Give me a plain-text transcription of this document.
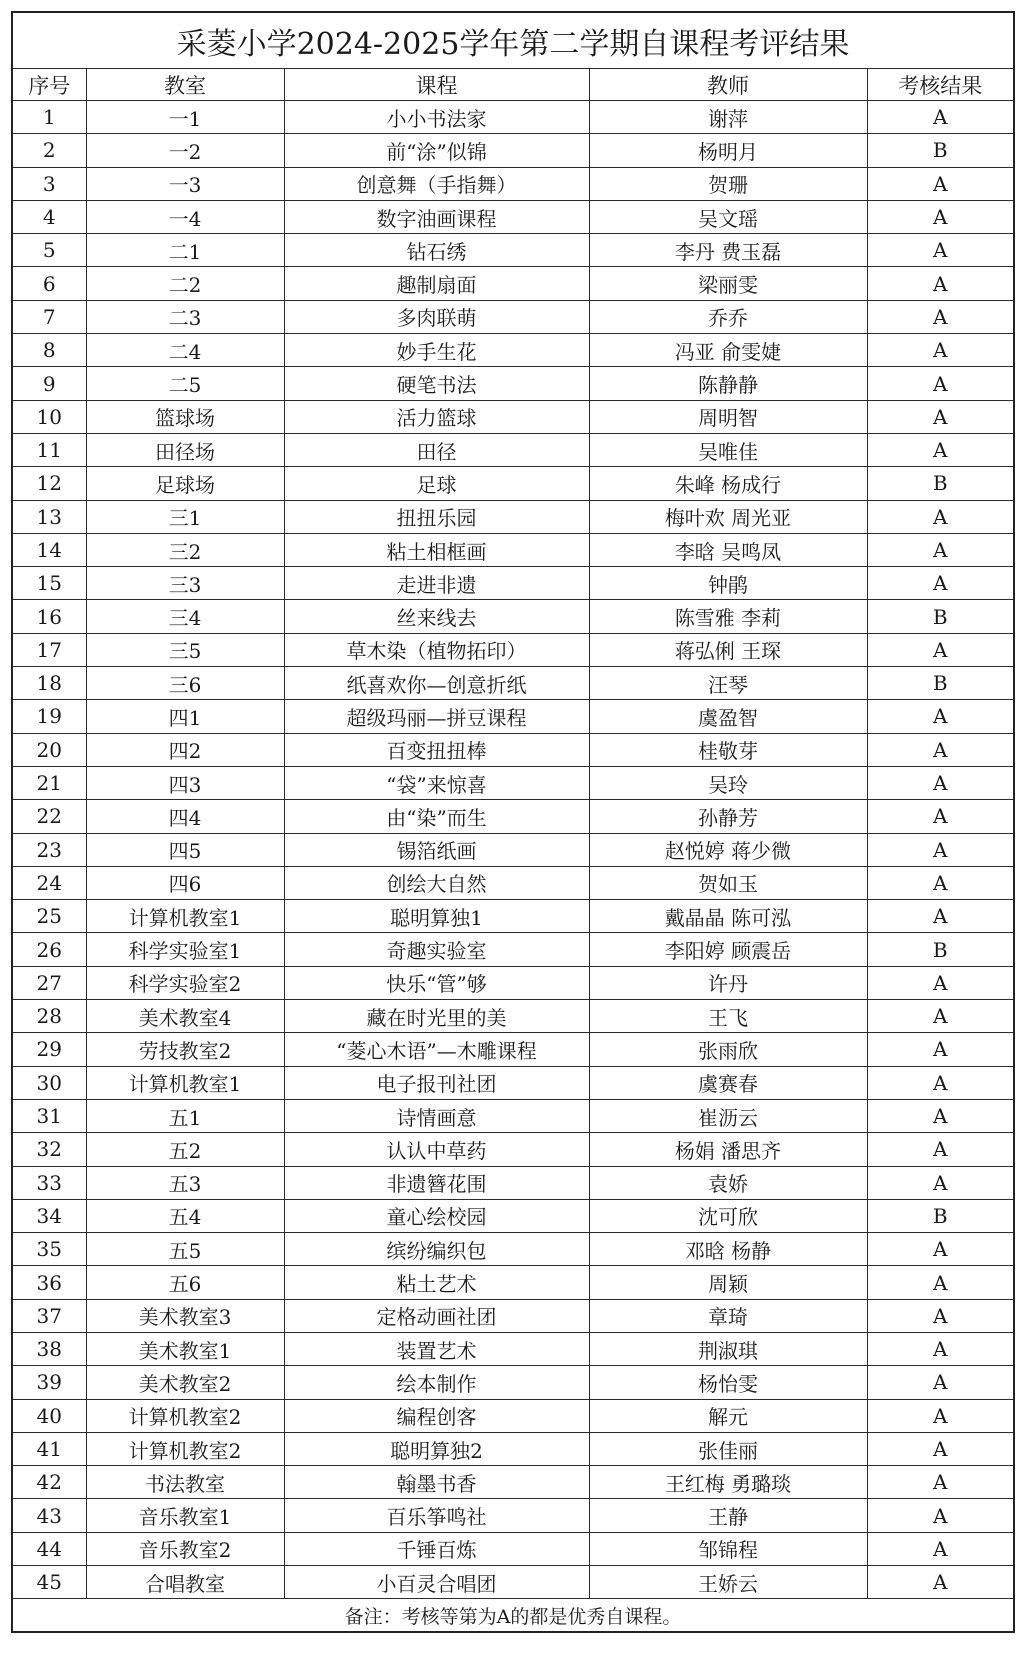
采菱小学2024-2025学年第二学期自课程考评结果				
序号	教室	课程	教师	考核结果
1	一1	小小书法家	谢萍	A
2	一2	前“涂”似锦	杨明月	B
3	一3	创意舞（手指舞）	贺珊	A
4	一4	数字油画课程	吴文瑶	A
5	二1	钻石绣	李丹 费玉磊	A
6	二2	趣制扇面	梁丽雯	A
7	二3	多肉联萌	乔乔	A
8	二4	妙手生花	冯亚 俞雯婕	A
9	二5	硬笔书法	陈静静	A
10	篮球场	活力篮球	周明智	A
11	田径场	田径	吴唯佳	A
12	足球场	足球	朱峰 杨成行	B
13	三1	扭扭乐园	梅叶欢 周光亚	A
14	三2	粘土相框画	李晗 吴鸣凤	A
15	三3	走进非遗	钟鹃	A
16	三4	丝来线去	陈雪雅 李莉	B
17	三5	草木染（植物拓印）	蒋弘俐 王琛	A
18	三6	纸喜欢你—创意折纸	汪琴	B
19	四1	超级玛丽—拼豆课程	虞盈智	A
20	四2	百变扭扭棒	桂敬芽	A
21	四3	“袋”来惊喜	吴玲	A
22	四4	由“染”而生	孙静芳	A
23	四5	锡箔纸画	赵悦婷 蒋少微	A
24	四6	创绘大自然	贺如玉	A
25	计算机教室1	聪明算独1	戴晶晶 陈可泓	A
26	科学实验室1	奇趣实验室	李阳婷 顾震岳	B
27	科学实验室2	快乐“管”够	许丹	A
28	美术教室4	藏在时光里的美	王飞	A
29	劳技教室2	“菱心木语”—木雕课程	张雨欣	A
30	计算机教室1	电子报刊社团	虞赛春	A
31	五1	诗情画意	崔沥云	A
32	五2	认认中草药	杨娟 潘思齐	A
33	五3	非遗簪花围	袁娇	A
34	五4	童心绘校园	沈可欣	B
35	五5	缤纷编织包	邓晗 杨静	A
36	五6	粘土艺术	周颖	A
37	美术教室3	定格动画社团	章琦	A
38	美术教室1	装置艺术	荆淑琪	A
39	美术教室2	绘本制作	杨怡雯	A
40	计算机教室2	编程创客	解元	A
41	计算机教室2	聪明算独2	张佳丽	A
42	书法教室	翰墨书香	王红梅 勇璐琰	A
43	音乐教室1	百乐筝鸣社	王静	A
44	音乐教室2	千锤百炼	邹锦程	A
45	合唱教室	小百灵合唱团	王娇云	A
备注：考核等第为A的都是优秀自课程。				
